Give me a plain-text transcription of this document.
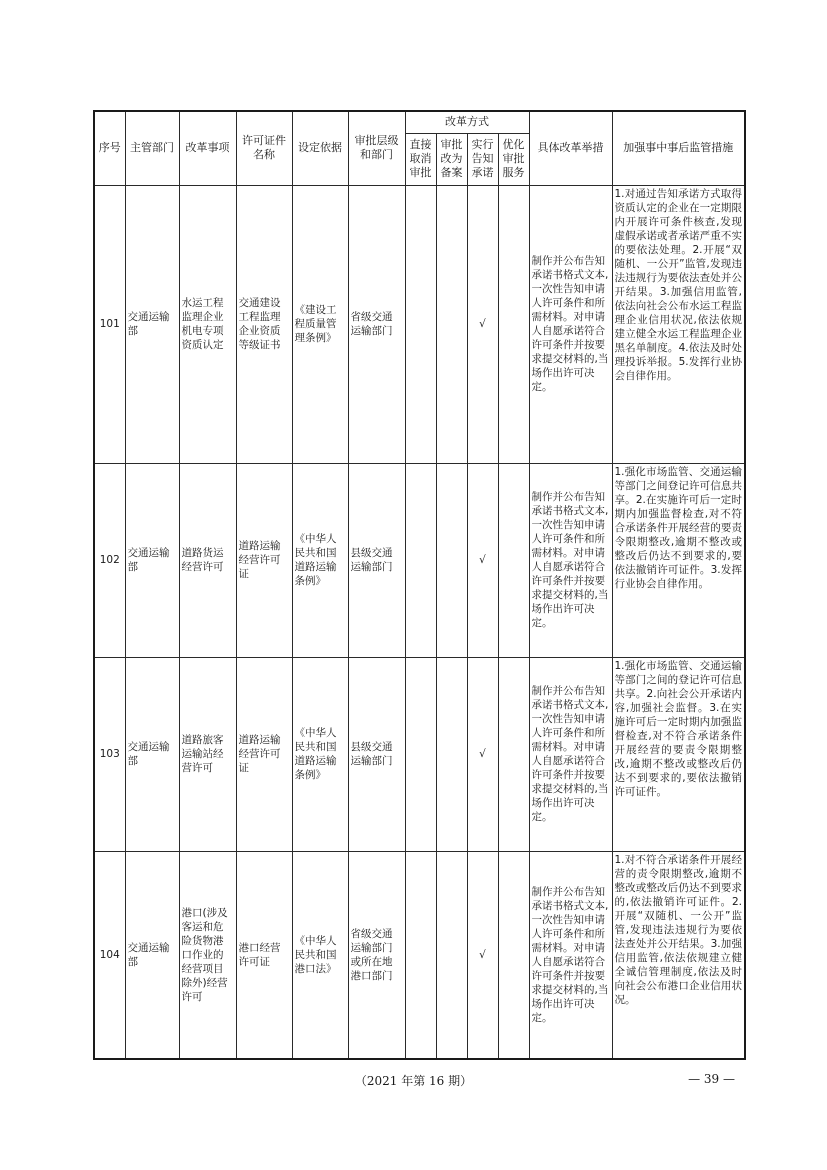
序号	主管部门	改革事项	许可证件名称	设定依据	审批层级和部门	改革方式				具体改革举措	加强事中事后监管措施
						直接取消审批	审批改为备案	实行告知承诺	优化审批服务		
101	交通运输部	水运工程监理企业机电专项资质认定	交通建设工程监理企业资质等级证书	《建设工程质量管理条例》	省级交通运输部门			√		制作并公布告知承诺书格式文本,一次性告知申请人许可条件和所需材料。对申请人自愿承诺符合许可条件并按要求提交材料的,当场作出许可决定。	1.对通过告知承诺方式取得资质认定的企业在一定期限内开展许可条件核查,发现虚假承诺或者承诺严重不实的要依法处理。2.开展“双随机、一公开”监管,发现违法违规行为要依法查处并公开结果。3.加强信用监管,依法向社会公布水运工程监理企业信用状况,依法依规建立健全水运工程监理企业黑名单制度。4.依法及时处理投诉举报。5.发挥行业协会自律作用。
102	交通运输部	道路货运经营许可	道路运输经营许可证	《中华人民共和国道路运输条例》	县级交通运输部门			√		制作并公布告知承诺书格式文本,一次性告知申请人许可条件和所需材料。对申请人自愿承诺符合许可条件并按要求提交材料的,当场作出许可决定。	1.强化市场监管、交通运输等部门之间登记许可信息共享。2.在实施许可后一定时期内加强监督检查,对不符合承诺条件开展经营的要责令限期整改,逾期不整改或整改后仍达不到要求的,要依法撤销许可证件。3.发挥行业协会自律作用。
103	交通运输部	道路旅客运输站经营许可	道路运输经营许可证	《中华人民共和国道路运输条例》	县级交通运输部门			√		制作并公布告知承诺书格式文本,一次性告知申请人许可条件和所需材料。对申请人自愿承诺符合许可条件并按要求提交材料的,当场作出许可决定。	1.强化市场监管、交通运输等部门之间的登记许可信息共享。2.向社会公开承诺内容,加强社会监督。3.在实施许可后一定时期内加强监督检查,对不符合承诺条件开展经营的要责令限期整改,逾期不整改或整改后仍达不到要求的,要依法撤销许可证件。
104	交通运输部	港口(涉及客运和危险货物港口作业的经营项目除外)经营许可	港口经营许可证	《中华人民共和国港口法》	省级交通运输部门或所在地港口部门			√		制作并公布告知承诺书格式文本,一次性告知申请人许可条件和所需材料。对申请人自愿承诺符合许可条件并按要求提交材料的,当场作出许可决定。	1.对不符合承诺条件开展经营的责令限期整改,逾期不整改或整改后仍达不到要求的,依法撤销许可证件。2.开展“双随机、一公开”监管,发现违法违规行为要依法查处并公开结果。3.加强信用监管,依法依规建立健全诚信管理制度,依法及时向社会公布港口企业信用状况。
（2021 年第 16 期）	— 39 —
